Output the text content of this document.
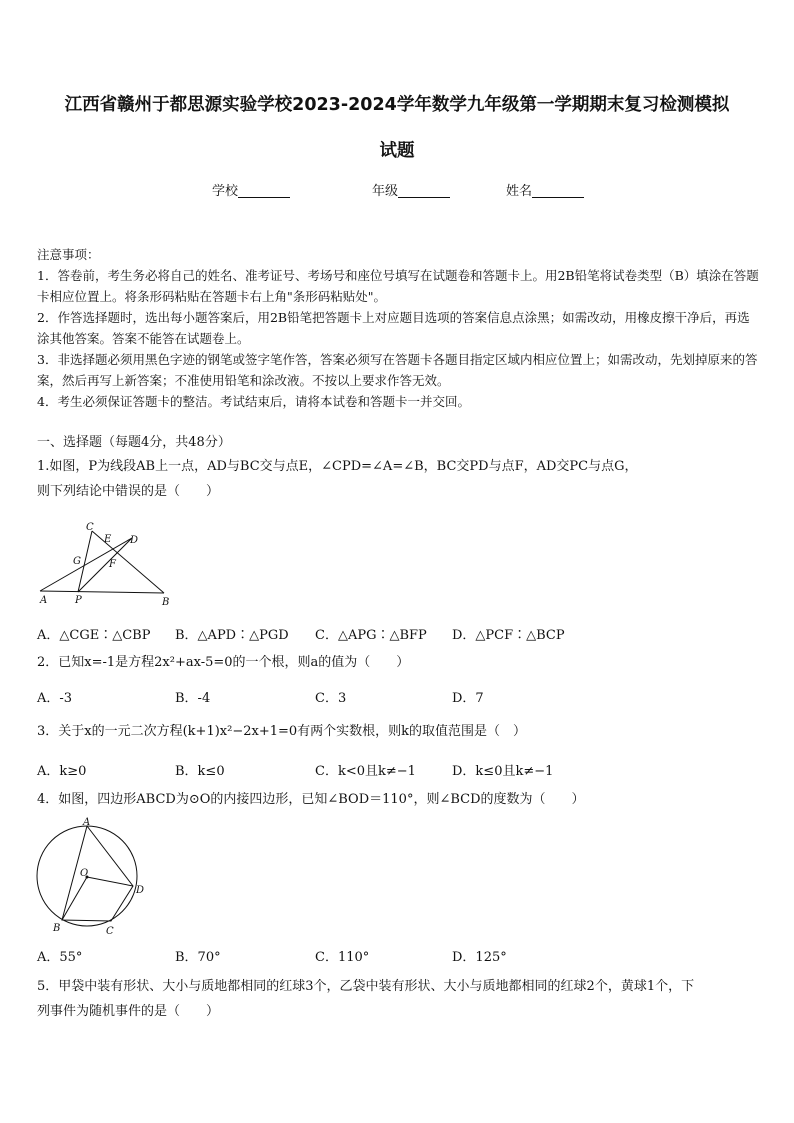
江西省赣州于都思源实验学校2023-2024学年数学九年级第一学期期末复习检测模拟
试题
学校	年级	姓名

注意事项：

1．答卷前，考生务必将自己的姓名、准考证号、考场号和座位号填写在试题卷和答题卡上。用2B铅笔将试卷类型（B）填涂在答题卡相应位置上。将条形码粘贴在答题卡右上角"条形码粘贴处"。

2．作答选择题时，选出每小题答案后，用2B铅笔把答题卡上对应题目选项的答案信息点涂黑；如需改动，用橡皮擦干净后，再选涂其他答案。答案不能答在试题卷上。

3．非选择题必须用黑色字迹的钢笔或签字笔作答，答案必须写在答题卡各题目指定区域内相应位置上；如需改动，先划掉原来的答案，然后再写上新答案；不准使用铅笔和涂改液。不按以上要求作答无效。

4．考生必须保证答题卡的整洁。考试结束后，请将本试卷和答题卡一并交回。

一、选择题（每题4分，共48分）
1.如图，P为线段AB上一点，AD与BC交与点E，∠CPD=∠A=∠B，BC交PD与点F，AD交PC与点G，
则下列结论中错误的是（　　）
C
E D
G	F
A	P	B
A．△CGE∶△CBP B．△APD∶△PGD C．△APG∶△BFP D．△PCF∶△BCP
2．已知x=-1是方程2x²+ax-5=0的一个根，则a的值为（　　）
A．-3	B．-4	C．3	D．7
3．关于x的一元二次方程(k+1)x²−2x+1=0有两个实数根，则k的取值范围是（　）
A．k≥0	B．k≤0	C．k<0且k≠−1	D．k≤0且k≠−1
4．如图，四边形ABCD为⊙O的内接四边形，已知∠BOD＝110°，则∠BCD的度数为（　　）
A
O
D
B	C
A．55°	B．70°	C．110°	D．125°
5．甲袋中装有形状、大小与质地都相同的红球3个，乙袋中装有形状、大小与质地都相同的红球2个，黄球1个，下
列事件为随机事件的是（　　）
